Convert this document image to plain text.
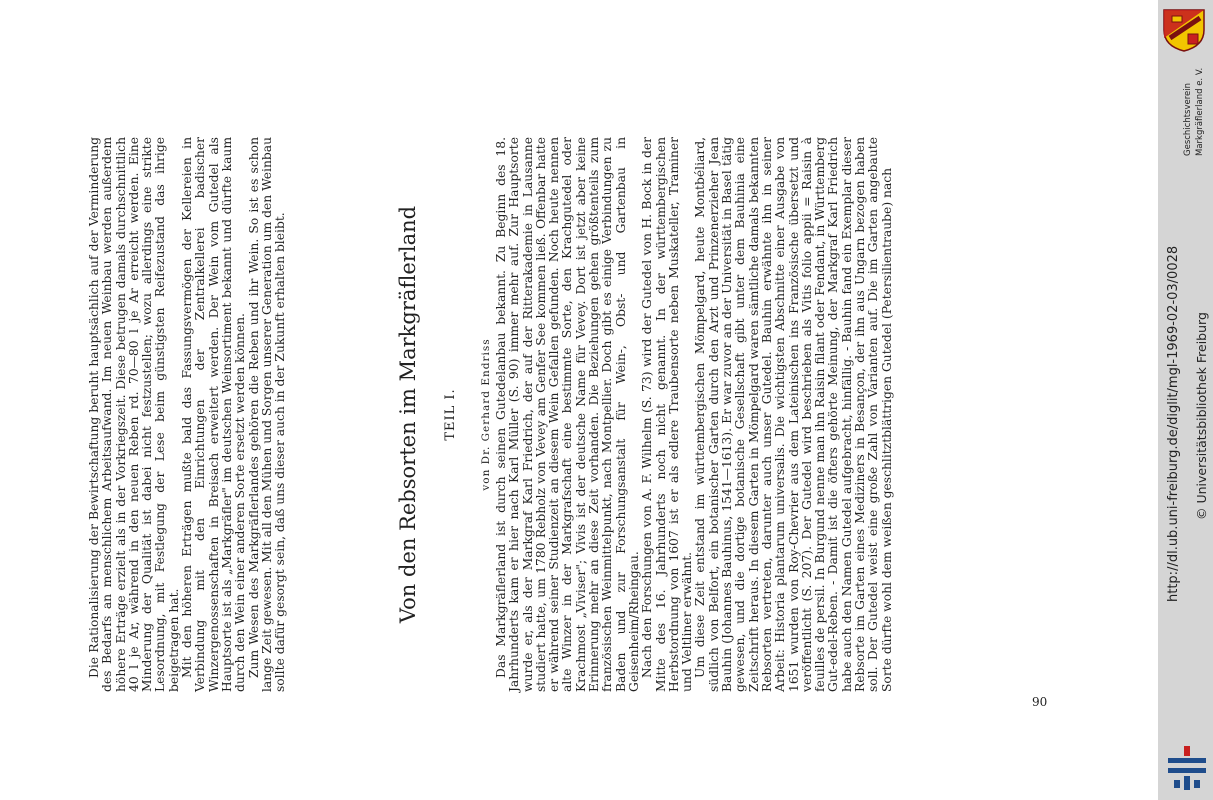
Die Rationalisierung der Bewirtschaftung beruht hauptsächlich auf der Verminderung des Bedarfs an menschlichem Arbeitsaufwand. Im neuen Weinbau werden außerdem höhere Erträge erzielt als in der Vorkriegszeit. Diese betrugen damals durchschnittlich 40 l je Ar, während in den neuen Reben rd. 70—80 l je Ar erreicht werden. Eine Minderung der Qualität ist dabei nicht festzustellen; wozu allerdings eine strikte Lesordnung, mit Festlegung der Lese beim günstigsten Reifezustand das ihrige beigetragen hat. Mit den höheren Erträgen mußte bald das Fassungsvermögen der Kellereien in Verbindung mit den Einrichtungen der Zentralkellerei badischer Winzergenossenschaften in Breisach erweitert werden. Der Wein vom Gutedel als Hauptsorte ist als „Markgräfler" im deutschen Weinsortiment bekannt und dürfte kaum durch den Wein einer anderen Sorte ersetzt werden können. Zum Wesen des Markgräflerlandes gehören die Reben und ihr Wein. So ist es schon lange Zeit gewesen. Mit all den Mühen und Sorgen unserer Generation um den Weinbau sollte dafür gesorgt sein, daß uns dieser auch in der Zukunft erhalten bleibt.	Von den Rebsorten im Markgräflerland TEIL I. von Dr. Gerhard Endriss Das Markgräflerland ist durch seinen Gutedelanbau bekannt. Zu Beginn des 18. Jahrhunderts kam er hier nach Karl Müller (S. 90) immer mehr auf. Zur Hauptsorte wurde er, als der Markgraf Karl Friedrich, der auf der Ritterakademie in Lausanne studiert hatte, um 1780 Rebholz von Vevey am Genfer See kommen ließ. Offenbar hatte er während seiner Studienzeit an diesem Wein Gefallen gefunden. Noch heute nennen alte Winzer in der Markgrafschaft eine bestimmte Sorte, den Krachgutedel oder Krachmost „Viviser"; Vivis ist der deutsche Name für Vevey. Dort ist jetzt aber keine Erinnerung mehr an diese Zeit vorhanden. Die Beziehungen gehen größtenteils zum französischen Weinmittelpunkt, nach Montpellier. Doch gibt es einige Verbindungen zu Baden und zur Forschungsanstalt für Wein-, Obst- und Gartenbau in Geisenheim/Rheingau. Nach den Forschungen von A. F. Wilhelm (S. 73) wird der Gutedel von H. Bock in der Mitte des 16. Jahrhunderts noch nicht genannt. In der württembergischen Herbstordnung von 1607 ist er als edlere Traubensorte neben Muskateller, Traminer und Veltliner erwähnt. Um diese Zeit entstand im württembergischen Mömpelgard, heute Montbéliard, südlich von Belfort, ein botanischer Garten durch den Arzt und Prinzenerzieher Jean Bauhin (Johannes Bauhinus, 1541—1613). Er war zuvor an der Universität in Basel tätig gewesen, und die dortige botanische Gesellschaft gibt unter dem Bauhinia eine Zeitschrift heraus. In diesem Garten in Mömpelgard waren sämtliche damals bekannten Rebsorten vertreten, darunter auch unser Gutedel. Bauhin erwähnte ihn in seiner Arbeit: Historia plantarum universalis. Die wichtigsten Abschnitte einer Ausgabe von 1651 wurden von Roy-Chevrier aus dem Lateinischen ins Französische übersetzt und veröffentlicht (S. 207). Der Gutedel wird beschrieben als Vitis folio appii = Raisin à feuilles de persil. In Burgund nenne man ihn Raisin filant oder Fendant, in Württemberg Gut-edel-Reben. - Damit ist die öfters gehörte Meinung, der Markgraf Karl Friedrich habe auch den Namen Gutedel aufgebracht, hinfällig. - Bauhin fand ein Exemplar dieser Rebsorte im Garten eines Mediziners in Besançon, der ihn aus Ungarn bezogen haben soll. Der Gutedel weist eine große Zahl von Varianten auf. Die im Garten angebaute Sorte dürfte wohl dem weißen geschlitztblättrigen Gutedel (Petersilientraube) nach

90
Geschichtsverein Markgräflerland e. V.
http://dl.ub.uni-freiburg.de/diglit/mgl-1969-02-03/0028 © Universitätsbibliothek Freiburg
